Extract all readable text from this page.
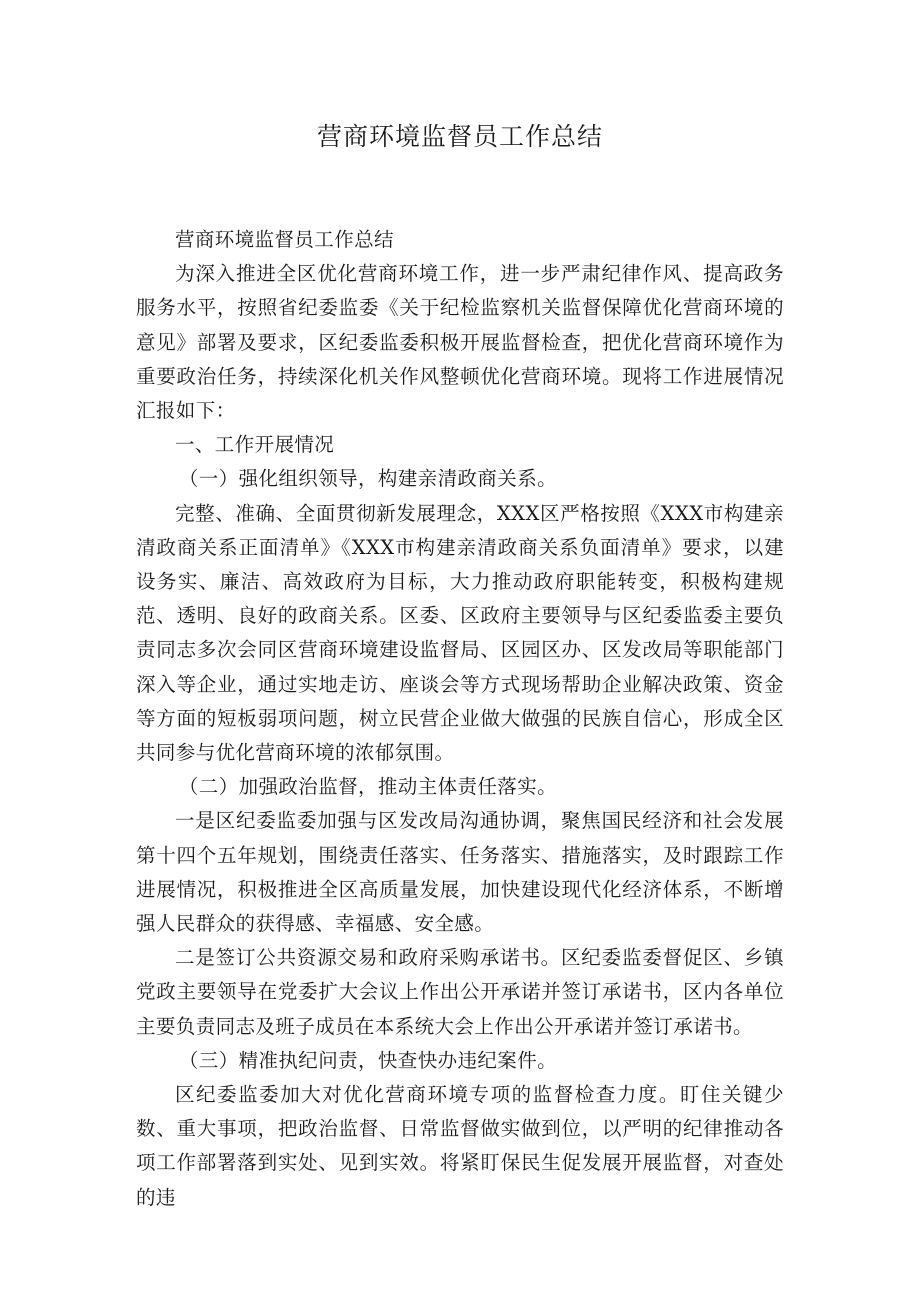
营商环境监督员工作总结

营商环境监督员工作总结

为深入推进全区优化营商环境工作，进一步严肃纪律作风、提高政务服务水平，按照省纪委监委《关于纪检监察机关监督保障优化营商环境的意见》部署及要求，区纪委监委积极开展监督检查，把优化营商环境作为重要政治任务，持续深化机关作风整顿优化营商环境。现将工作进展情况汇报如下：

一、工作开展情况

（一）强化组织领导，构建亲清政商关系。

完整、准确、全面贯彻新发展理念，XXX区严格按照《XXX市构建亲清政商关系正面清单》《XXX市构建亲清政商关系负面清单》要求，以建设务实、廉洁、高效政府为目标，大力推动政府职能转变，积极构建规范、透明、良好的政商关系。区委、区政府主要领导与区纪委监委主要负责同志多次会同区营商环境建设监督局、区园区办、区发改局等职能部门深入等企业，通过实地走访、座谈会等方式现场帮助企业解决政策、资金等方面的短板弱项问题，树立民营企业做大做强的民族自信心，形成全区共同参与优化营商环境的浓郁氛围。

（二）加强政治监督，推动主体责任落实。

一是区纪委监委加强与区发改局沟通协调，聚焦国民经济和社会发展第十四个五年规划，围绕责任落实、任务落实、措施落实，及时跟踪工作进展情况，积极推进全区高质量发展，加快建设现代化经济体系，不断增强人民群众的获得感、幸福感、安全感。

二是签订公共资源交易和政府采购承诺书。区纪委监委督促区、乡镇党政主要领导在党委扩大会议上作出公开承诺并签订承诺书，区内各单位主要负责同志及班子成员在本系统大会上作出公开承诺并签订承诺书。

（三）精准执纪问责，快查快办违纪案件。

区纪委监委加大对优化营商环境专项的监督检查力度。盯住关键少数、重大事项，把政治监督、日常监督做实做到位，以严明的纪律推动各项工作部署落到实处、见到实效。将紧盯保民生促发展开展监督，对查处的违
